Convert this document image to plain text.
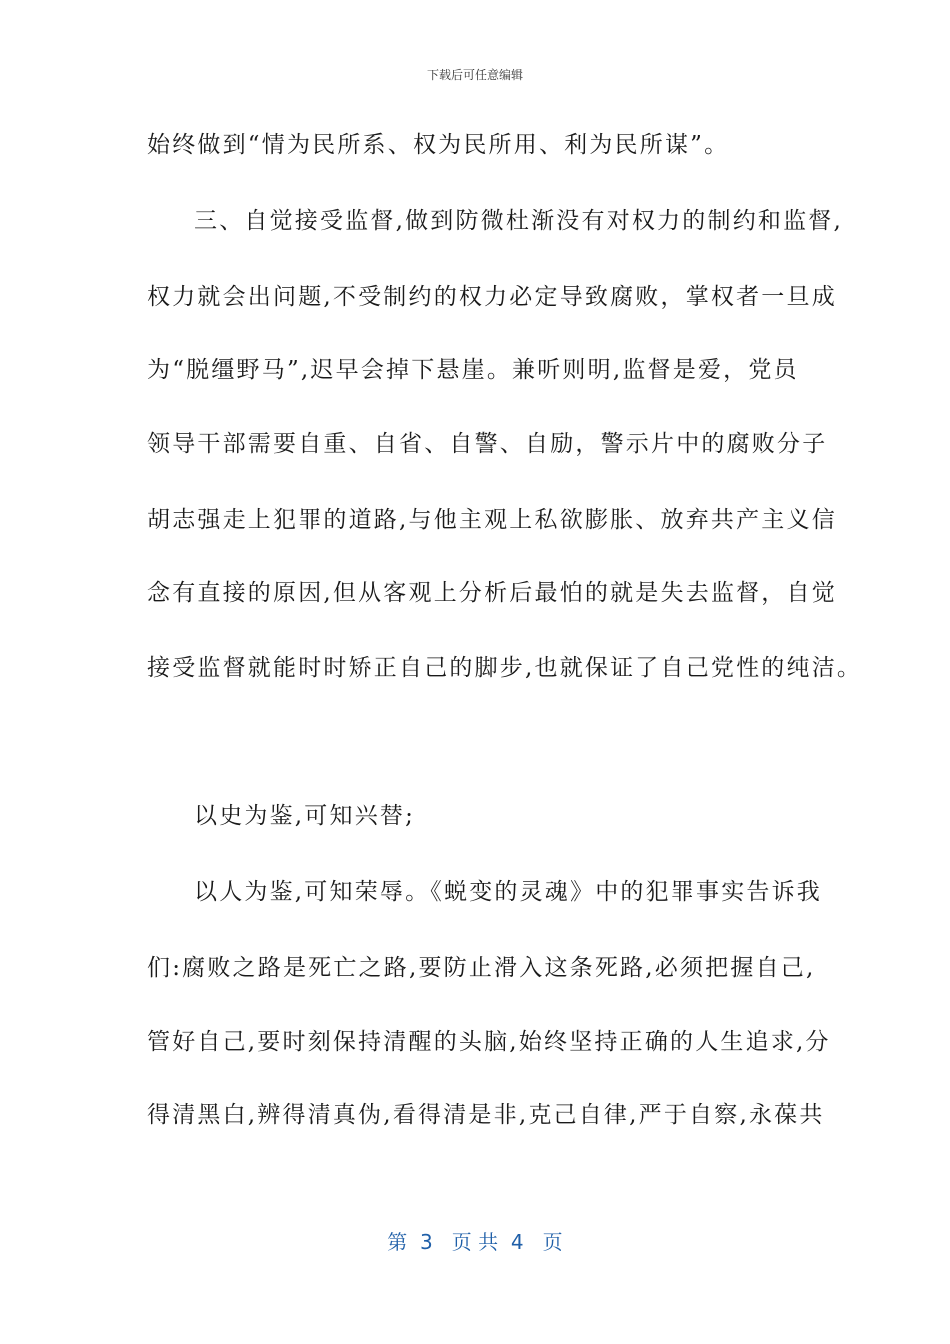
下载后可任意编辑
始终做到“情为民所系、权为民所用、利为民所谋”。
三、自觉接受监督,做到防微杜渐没有对权力的制约和监督,
权力就会出问题,不受制约的权力必定导致腐败，掌权者一旦成
为“脱缰野马”,迟早会掉下悬崖。兼听则明,监督是爱，党员
领导干部需要自重、自省、自警、自励，警示片中的腐败分子
胡志强走上犯罪的道路,与他主观上私欲膨胀、放弃共产主义信
念有直接的原因,但从客观上分析后最怕的就是失去监督，自觉
接受监督就能时时矫正自己的脚步,也就保证了自己党性的纯洁。
以史为鉴,可知兴替;
以人为鉴,可知荣辱。《蜕变的灵魂》中的犯罪事实告诉我
们:腐败之路是死亡之路,要防止滑入这条死路,必须把握自己,
管好自己,要时刻保持清醒的头脑,始终坚持正确的人生追求,分
得清黑白,辨得清真伪,看得清是非,克己自律,严于自察,永葆共
第  3   页 共  4   页
